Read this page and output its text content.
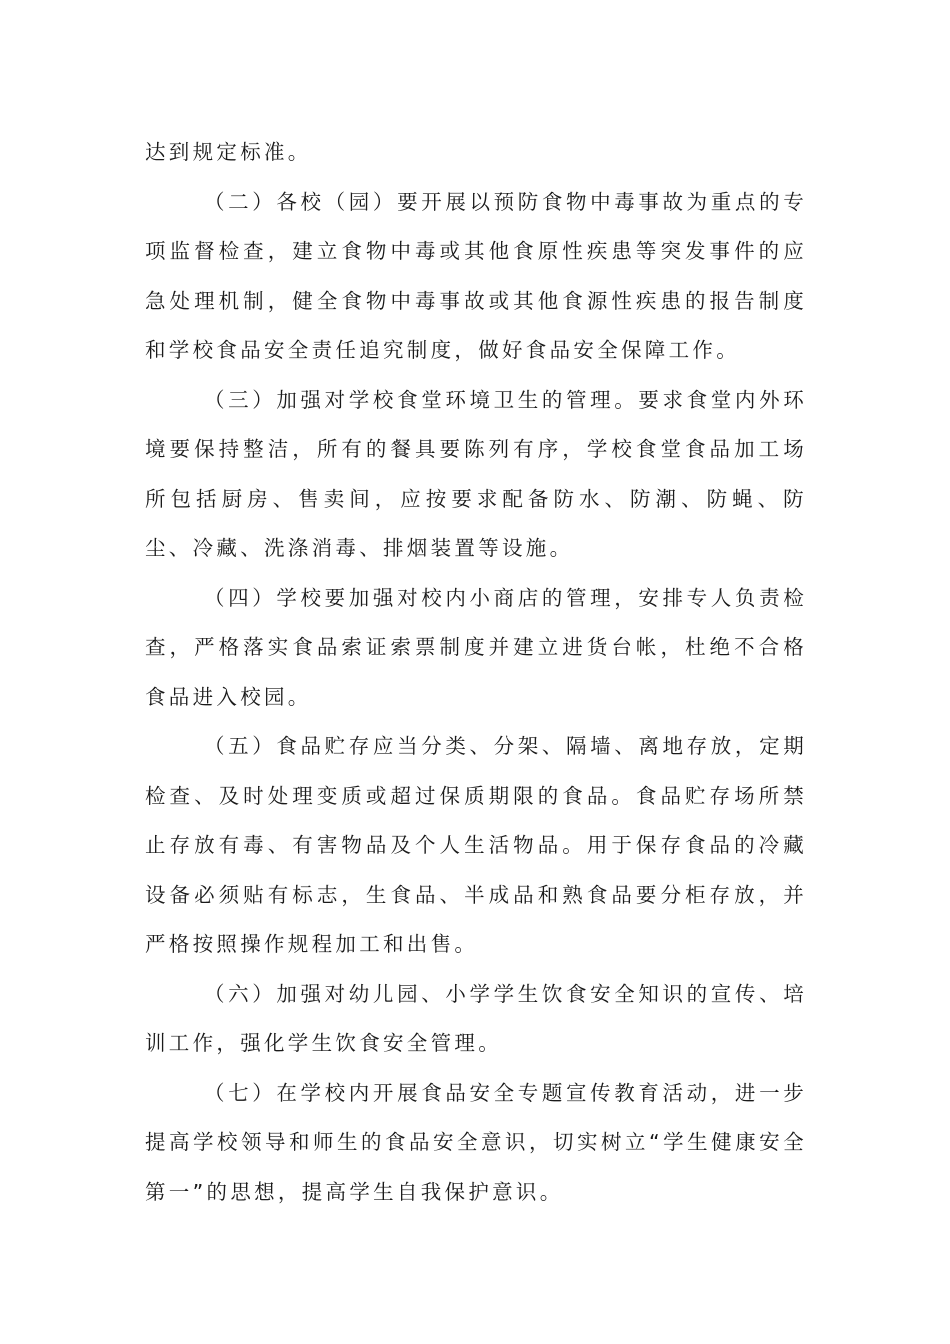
达到规定标准。

（二）各校（园）要开展以预防食物中毒事故为重点的专项监督检查，建立食物中毒或其他食原性疾患等突发事件的应急处理机制，健全食物中毒事故或其他食源性疾患的报告制度和学校食品安全责任追究制度，做好食品安全保障工作。

（三）加强对学校食堂环境卫生的管理。要求食堂内外环境要保持整洁，所有的餐具要陈列有序，学校食堂食品加工场所包括厨房、售卖间，应按要求配备防水、防潮、防蝇、防尘、冷藏、洗涤消毒、排烟装置等设施。

（四）学校要加强对校内小商店的管理，安排专人负责检查，严格落实食品索证索票制度并建立进货台帐，杜绝不合格食品进入校园。

（五）食品贮存应当分类、分架、隔墙、离地存放，定期检查、及时处理变质或超过保质期限的食品。食品贮存场所禁止存放有毒、有害物品及个人生活物品。用于保存食品的冷藏设备必须贴有标志，生食品、半成品和熟食品要分柜存放，并严格按照操作规程加工和出售。

（六）加强对幼儿园、小学学生饮食安全知识的宣传、培训工作，强化学生饮食安全管理。

（七）在学校内开展食品安全专题宣传教育活动，进一步提高学校领导和师生的食品安全意识，切实树立“学生健康安全第一”的思想，提高学生自我保护意识。
